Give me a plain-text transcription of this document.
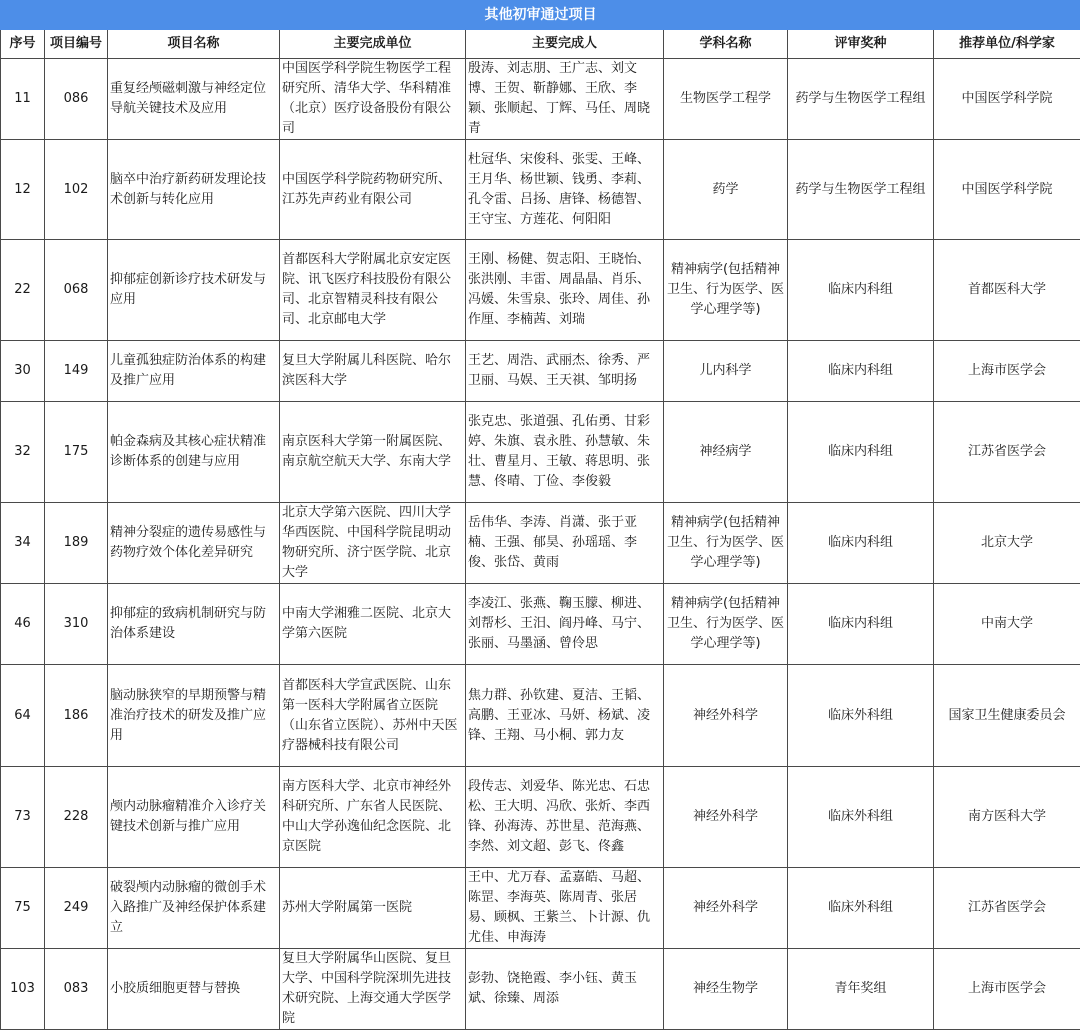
其他初审通过项目							
序号	项目编号	项目名称	主要完成单位	主要完成人	学科名称	评审奖种	推荐单位/科学家
11	086	重复经颅磁刺激与神经定位导航关键技术及应用	中国医学科学院生物医学工程研究所、清华大学、华科精准（北京）医疗设备股份有限公司	殷涛、刘志朋、王广志、刘文博、王贺、靳静娜、王欣、李颖、张顺起、丁辉、马任、周晓青	生物医学工程学	药学与生物医学工程组	中国医学科学院
12	102	脑卒中治疗新药研发理论技术创新与转化应用	中国医学科学院药物研究所、江苏先声药业有限公司	杜冠华、宋俊科、张雯、王峰、王月华、杨世颖、钱勇、李莉、孔令雷、吕扬、唐锋、杨德智、王守宝、方莲花、何阳阳	药学	药学与生物医学工程组	中国医学科学院
22	068	抑郁症创新诊疗技术研发与应用	首都医科大学附属北京安定医院、讯飞医疗科技股份有限公司、北京智精灵科技有限公司、北京邮电大学	王刚、杨健、贺志阳、王晓怡、张洪刚、丰雷、周晶晶、肖乐、冯媛、朱雪泉、张玲、周佳、孙作厘、李楠茜、刘瑞	精神病学(包括精神卫生、行为医学、医学心理学等)	临床内科组	首都医科大学
30	149	儿童孤独症防治体系的构建及推广应用	复旦大学附属儿科医院、哈尔滨医科大学	王艺、周浩、武丽杰、徐秀、严卫丽、马娱、王天祺、邹明扬	儿内科学	临床内科组	上海市医学会
32	175	帕金森病及其核心症状精准诊断体系的创建与应用	南京医科大学第一附属医院、南京航空航天大学、东南大学	张克忠、张道强、孔佑勇、甘彩婷、朱旗、袁永胜、孙慧敏、朱壮、曹星月、王敏、蒋思明、张慧、佟晴、丁俭、李俊毅	神经病学	临床内科组	江苏省医学会
34	189	精神分裂症的遗传易感性与药物疗效个体化差异研究	北京大学第六医院、四川大学华西医院、中国科学院昆明动物研究所、济宁医学院、北京大学	岳伟华、李涛、肖潇、张于亚楠、王强、郁昊、孙瑶瑶、李俊、张岱、黄雨	精神病学(包括精神卫生、行为医学、医学心理学等)	临床内科组	北京大学
46	310	抑郁症的致病机制研究与防治体系建设	中南大学湘雅二医院、北京大学第六医院	李凌江、张燕、鞠玉朦、柳进、刘帮杉、王汨、阎丹峰、马宁、张丽、马墨涵、曾伶思	精神病学(包括精神卫生、行为医学、医学心理学等)	临床内科组	中南大学
64	186	脑动脉狭窄的早期预警与精准治疗技术的研发及推广应用	首都医科大学宣武医院、山东第一医科大学附属省立医院（山东省立医院）、苏州中天医疗器械科技有限公司	焦力群、孙钦建、夏洁、王韬、高鹏、王亚冰、马妍、杨斌、凌锋、王翔、马小桐、郭力友	神经外科学	临床外科组	国家卫生健康委员会
73	228	颅内动脉瘤精准介入诊疗关键技术创新与推广应用	南方医科大学、北京市神经外科研究所、广东省人民医院、中山大学孙逸仙纪念医院、北京医院	段传志、刘爱华、陈光忠、石忠松、王大明、冯欣、张炘、李西锋、孙海涛、苏世星、范海燕、李然、刘文超、彭飞、佟鑫	神经外科学	临床外科组	南方医科大学
75	249	破裂颅内动脉瘤的微创手术入路推广及神经保护体系建立	苏州大学附属第一医院	王中、尤万春、孟嘉皓、马超、陈罡、李海英、陈周青、张居易、顾枫、王紫兰、卜计源、仇尤佳、申海涛	神经外科学	临床外科组	江苏省医学会
103	083	小胶质细胞更替与替换	复旦大学附属华山医院、复旦大学、中国科学院深圳先进技术研究院、上海交通大学医学院	彭勃、饶艳霞、李小钰、黄玉斌、徐臻、周添	神经生物学	青年奖组	上海市医学会
